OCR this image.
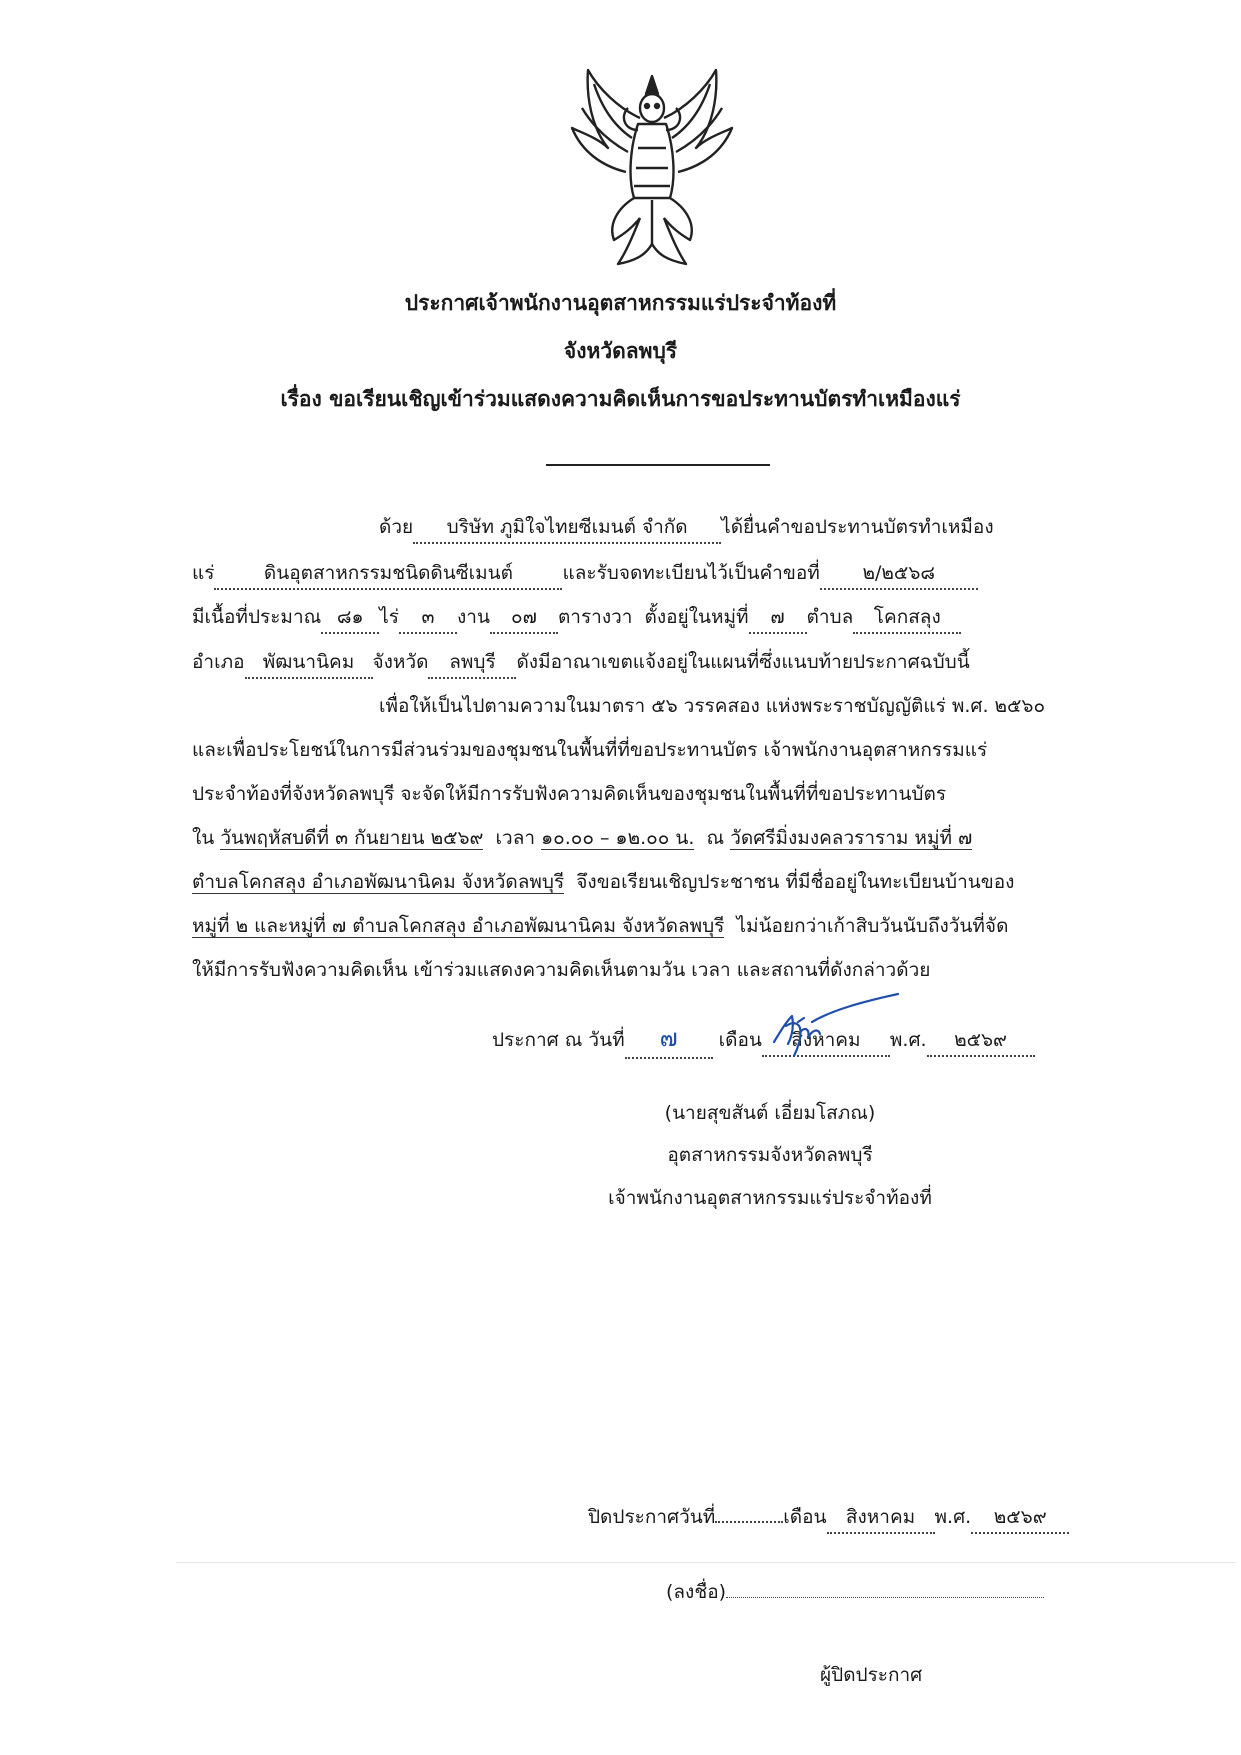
ประกาศเจ้าพนักงานอุตสาหกรรมแร่ประจำท้องที่
จังหวัดลพบุรี
เรื่อง ขอเรียนเชิญเข้าร่วมแสดงความคิดเห็นการขอประทานบัตรทำเหมืองแร่
ด้วย บริษัท ภูมิใจไทยซีเมนต์ จำกัด ได้ยื่นคำขอประทานบัตรทำเหมือง
แร่	ดินอุตสาหกรรมชนิดดินซีเมนต์	และรับจดทะเบียนไว้เป็นคำขอที่ ๒/๒๕๖๘
มีเนื้อที่ประมาณ ๘๑ ไร่ ๓ งาน ๐๗ ตารางวา ตั้งอยู่ในหมู่ที่ ๗ ตำบล โคกสลุง
อำเภอ พัฒนานิคม จังหวัด ลพบุรี ดังมีอาณาเขตแจ้งอยู่ในแผนที่ซึ่งแนบท้ายประกาศฉบับนี้
เพื่อให้เป็นไปตามความในมาตรา ๕๖ วรรคสอง แห่งพระราชบัญญัติแร่ พ.ศ. ๒๕๖๐
และเพื่อประโยชน์ในการมีส่วนร่วมของชุมชนในพื้นที่ที่ขอประทานบัตร เจ้าพนักงานอุตสาหกรรมแร่
ประจำท้องที่จังหวัดลพบุรี จะจัดให้มีการรับฟังความคิดเห็นของชุมชนในพื้นที่ที่ขอประทานบัตร
ใน วันพฤหัสบดีที่ ๓ กันยายน ๒๕๖๙ เวลา ๑๐.๐๐ – ๑๒.๐๐ น. ณ วัดศรีมิ่งมงคลวราราม หมู่ที่ ๗
ตำบลโคกสลุง อำเภอพัฒนานิคม จังหวัดลพบุรี จึงขอเรียนเชิญประชาชน ที่มีชื่ออยู่ในทะเบียนบ้านของ
หมู่ที่ ๒ และหมู่ที่ ๗ ตำบลโคกสลุง อำเภอพัฒนานิคม จังหวัดลพบุรี ไม่น้อยกว่าเก้าสิบวันนับถึงวันที่จัด
ให้มีการรับฟังความคิดเห็น เข้าร่วมแสดงความคิดเห็นตามวัน เวลา และสถานที่ดังกล่าวด้วย
ประกาศ ณ วันที่ ๗ เดือน สิงหาคม พ.ศ. ๒๕๖๙
(นายสุขสันต์ เอี่ยมโสภณ)
อุตสาหกรรมจังหวัดลพบุรี
เจ้าพนักงานอุตสาหกรรมแร่ประจำท้องที่
ปิดประกาศวันที่	เดือน สิงหาคม พ.ศ. ๒๕๖๙
(ลงชื่อ)
ผู้ปิดประกาศ
